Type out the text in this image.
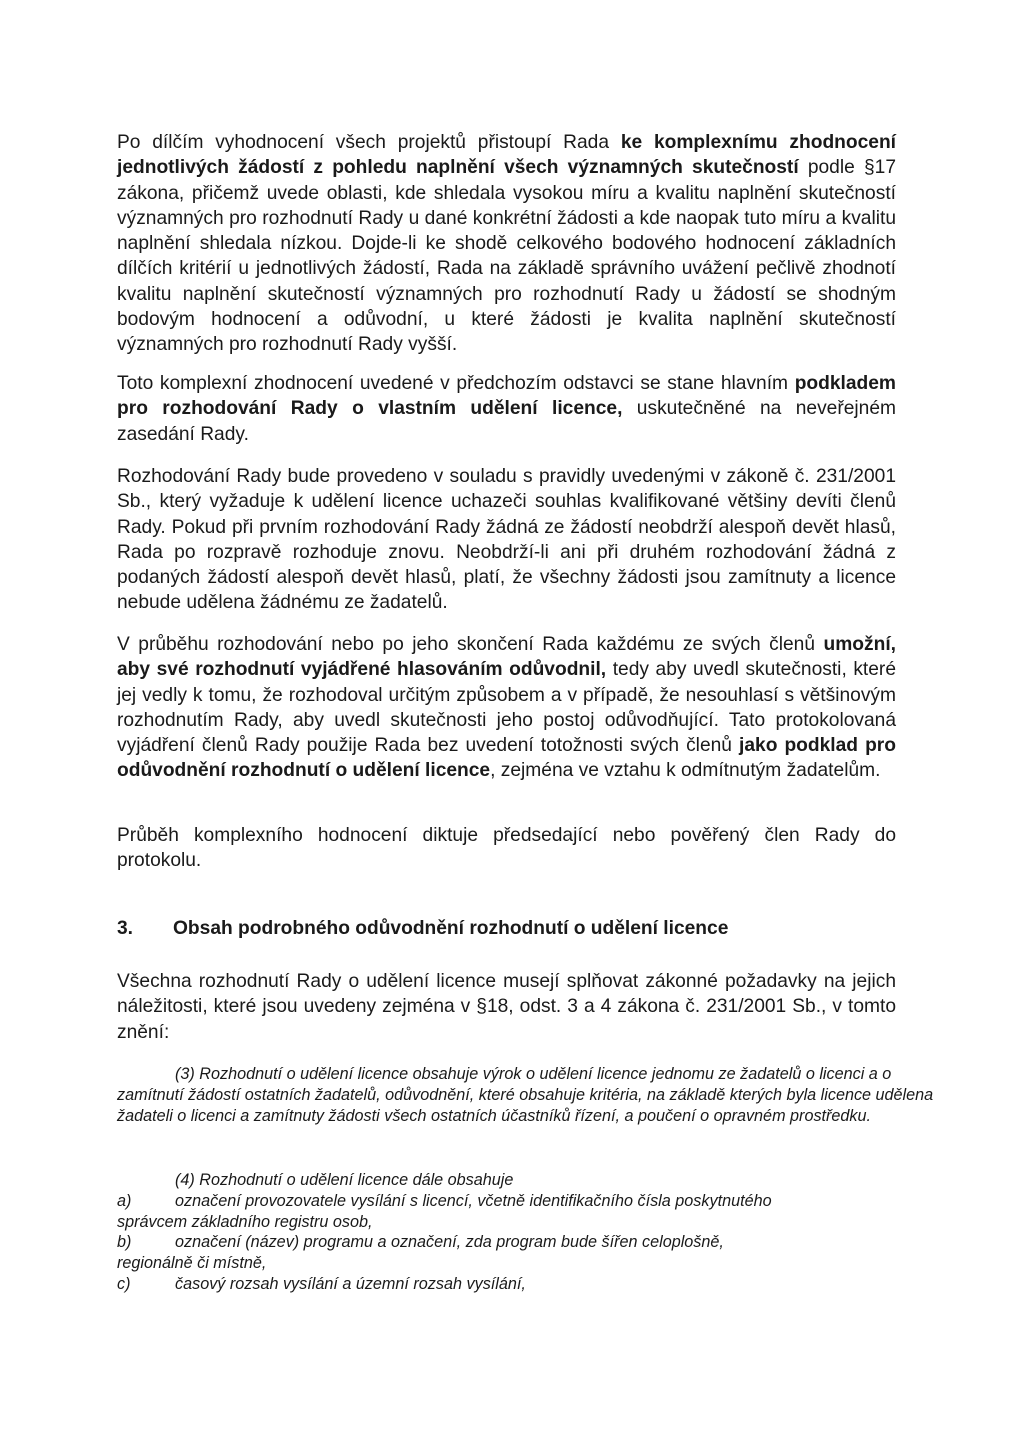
Po dílčím vyhodnocení všech projektů přistoupí Rada ke komplexnímu zhodnocení jednotlivých žádostí z pohledu naplnění všech významných skutečností podle §17 zákona, přičemž uvede oblasti, kde shledala vysokou míru a kvalitu naplnění skutečností významných pro rozhodnutí Rady u dané konkrétní žádosti a kde naopak tuto míru a kvalitu naplnění shledala nízkou. Dojde-li ke shodě celkového bodového hodnocení základních dílčích kritérií u jednotlivých žádostí, Rada na základě správního uvážení pečlivě zhodnotí kvalitu naplnění skutečností významných pro rozhodnutí Rady u žádostí se shodným bodovým hodnocení a odůvodní, u které žádosti je kvalita naplnění skutečností významných pro rozhodnutí Rady vyšší.
Toto komplexní zhodnocení uvedené v předchozím odstavci se stane hlavním podkladem pro rozhodování Rady o vlastním udělení licence, uskutečněné na neveřejném zasedání Rady.
Rozhodování Rady bude provedeno v souladu s pravidly uvedenými v zákoně č. 231/2001 Sb., který vyžaduje k udělení licence uchazeči souhlas kvalifikované většiny devíti členů Rady. Pokud při prvním rozhodování Rady žádná ze žádostí neobdrží alespoň devět hlasů, Rada po rozpravě rozhoduje znovu. Neobdrží-li ani při druhém rozhodování žádná z podaných žádostí alespoň devět hlasů, platí, že všechny žádosti jsou zamítnuty a licence nebude udělena žádnému ze žadatelů.
V průběhu rozhodování nebo po jeho skončení Rada každému ze svých členů umožní, aby své rozhodnutí vyjádřené hlasováním odůvodnil, tedy aby uvedl skutečnosti, které jej vedly k tomu, že rozhodoval určitým způsobem a v případě, že nesouhlasí s většinovým rozhodnutím Rady, aby uvedl skutečnosti jeho postoj odůvodňující. Tato protokolovaná vyjádření členů Rady použije Rada bez uvedení totožnosti svých členů jako podklad pro odůvodnění rozhodnutí o udělení licence, zejména ve vztahu k odmítnutým žadatelům.
Průběh komplexního hodnocení diktuje předsedající nebo pověřený člen Rady do protokolu.
3. Obsah podrobného odůvodnění rozhodnutí o udělení licence
Všechna rozhodnutí Rady o udělení licence musejí splňovat zákonné požadavky na jejich náležitosti, které jsou uvedeny zejména v §18, odst. 3 a 4 zákona č. 231/2001 Sb., v tomto znění:
(3) Rozhodnutí o udělení licence obsahuje výrok o udělení licence jednomu ze žadatelů o licenci a o zamítnutí žádostí ostatních žadatelů, odůvodnění, které obsahuje kritéria, na základě kterých byla licence udělena žadateli o licenci a zamítnuty žádosti všech ostatních účastníků řízení, a poučení o opravném prostředku.
(4) Rozhodnutí o udělení licence dále obsahuje
a)	označení provozovatele vysílání s licencí, včetně identifikačního čísla poskytnutého
správcem základního registru osob,
b)	označení (název) programu a označení, zda program bude šířen celoplošně,
regionálně či místně,
c)	časový rozsah vysílání a územní rozsah vysílání,
